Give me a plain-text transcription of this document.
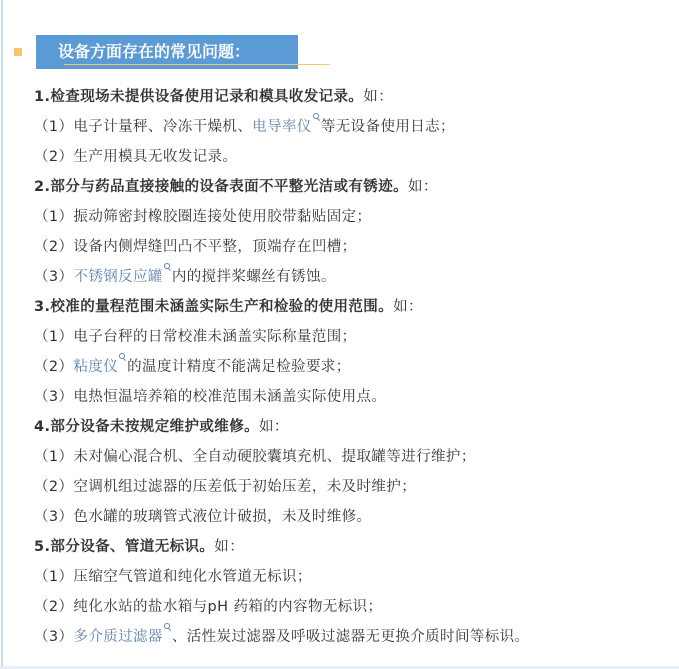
设备方面存在的常见问题：
1.检查现场未提供设备使用记录和模具收发记录。如：
（1）电子计量秤、冷冻干燥机、电导率仪 等无设备使用日志；
（2）生产用模具无收发记录。
2.部分与药品直接接触的设备表面不平整光洁或有锈迹。如：
（1）振动筛密封橡胶圈连接处使用胶带黏贴固定；
（2）设备内侧焊缝凹凸不平整，顶端存在凹槽；
（3）不锈钢反应罐 内的搅拌桨螺丝有锈蚀。
3.校准的量程范围未涵盖实际生产和检验的使用范围。如：
（1）电子台秤的日常校准未涵盖实际称量范围；
（2）粘度仪 的温度计精度不能满足检验要求；
（3）电热恒温培养箱的校准范围未涵盖实际使用点。
4.部分设备未按规定维护或维修。如：
（1）未对偏心混合机、全自动硬胶囊填充机、提取罐等进行维护；
（2）空调机组过滤器的压差低于初始压差，未及时维护；
（3）色水罐的玻璃管式液位计破损，未及时维修。
5.部分设备、管道无标识。如：
（1）压缩空气管道和纯化水管道无标识；
（2）纯化水站的盐水箱与pH 药箱的内容物无标识；
（3）多介质过滤器 、活性炭过滤器及呼吸过滤器无更换介质时间等标识。
